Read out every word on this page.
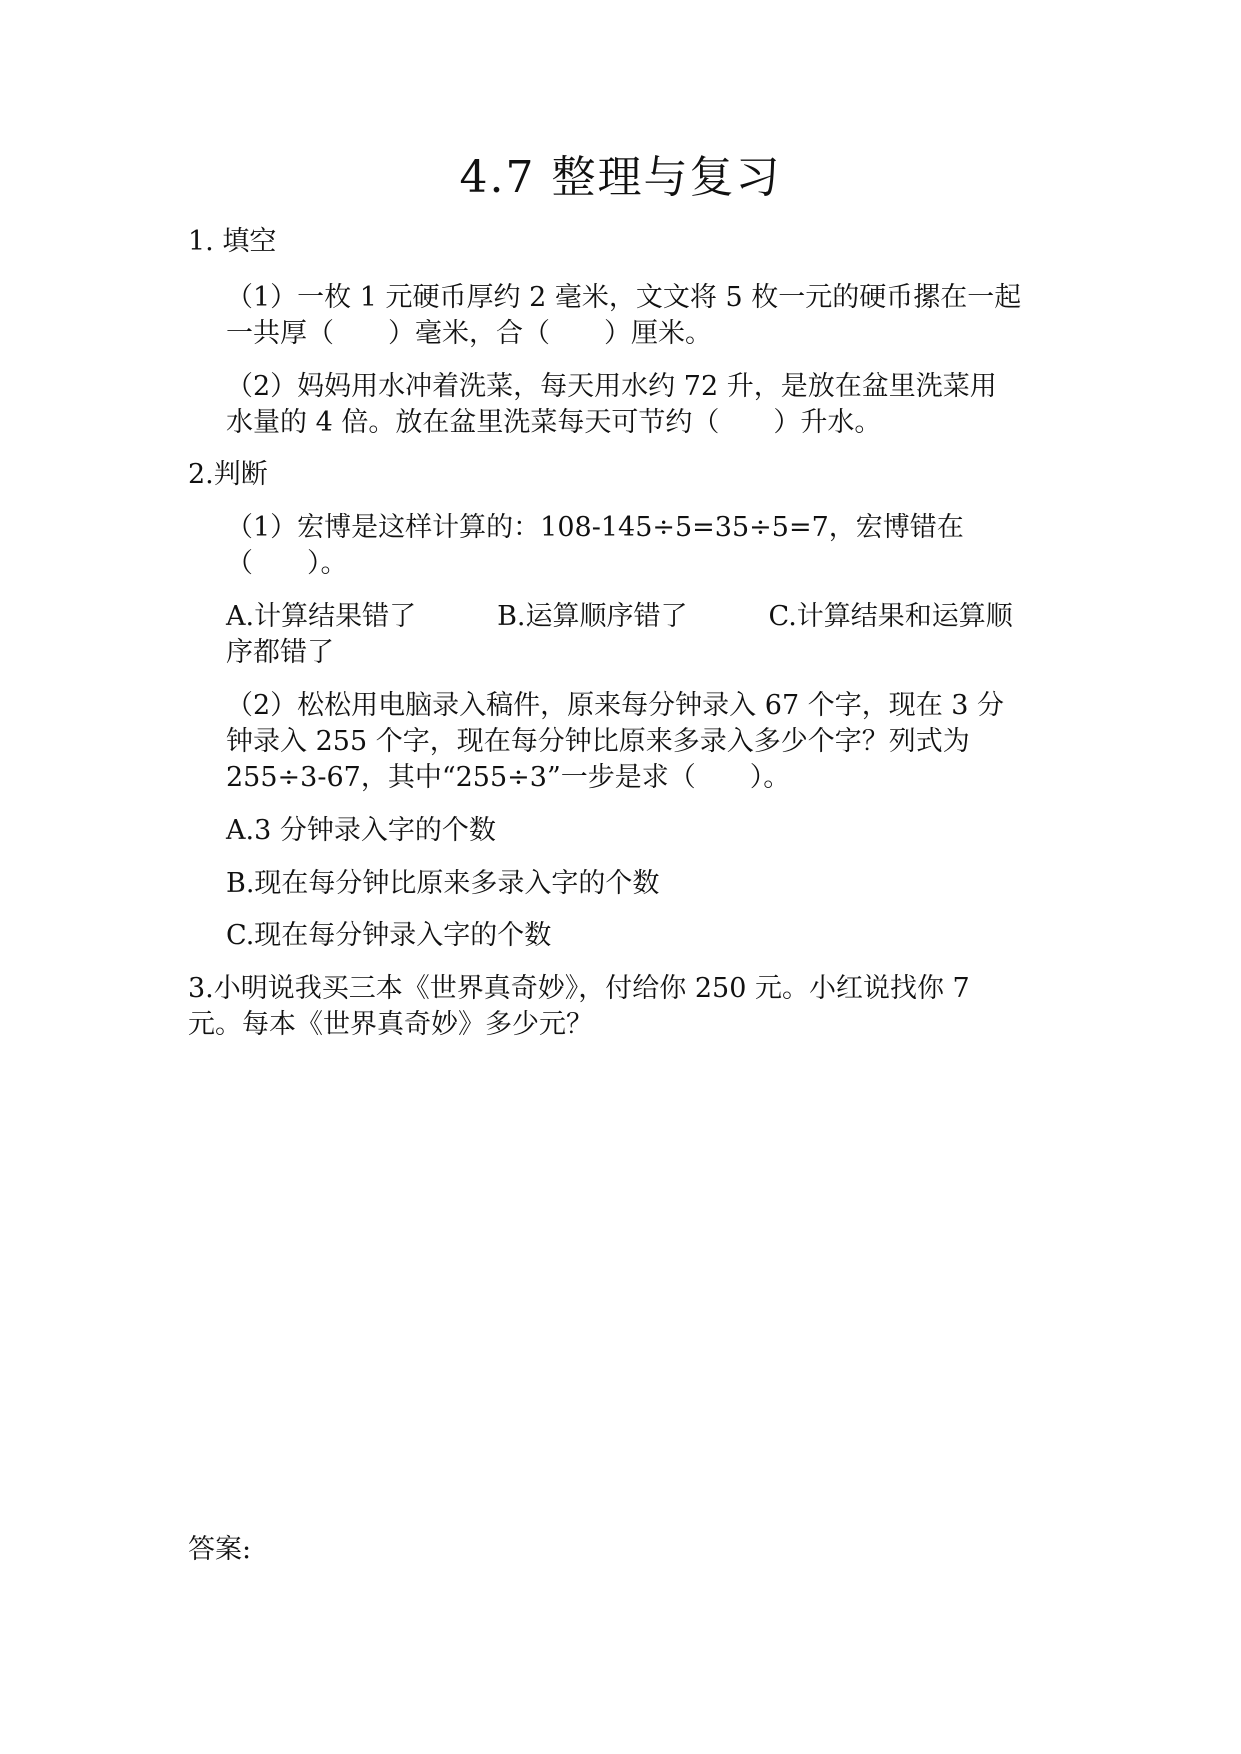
4.7 整理与复习
1. 填空
（1）一枚 1 元硬币厚约 2 毫米，文文将 5 枚一元的硬币摞在一起
一共厚（　　）毫米，合（　　）厘米。
（2）妈妈用水冲着洗菜，每天用水约 72 升，是放在盆里洗菜用
水量的 4 倍。放在盆里洗菜每天可节约（　　）升水。
2.判断
（1）宏博是这样计算的：108-145÷5=35÷5=7，宏博错在
（　　）。
A.计算结果错了　　　B.运算顺序错了　　　C.计算结果和运算顺
序都错了
（2）松松用电脑录入稿件，原来每分钟录入 67 个字，现在 3 分
钟录入 255 个字，现在每分钟比原来多录入多少个字？列式为
255÷3-67，其中“255÷3”一步是求（　　）。
A.3 分钟录入字的个数
B.现在每分钟比原来多录入字的个数
C.现在每分钟录入字的个数
3.小明说我买三本《世界真奇妙》，付给你 250 元。小红说找你 7
元。每本《世界真奇妙》多少元？
答案:
